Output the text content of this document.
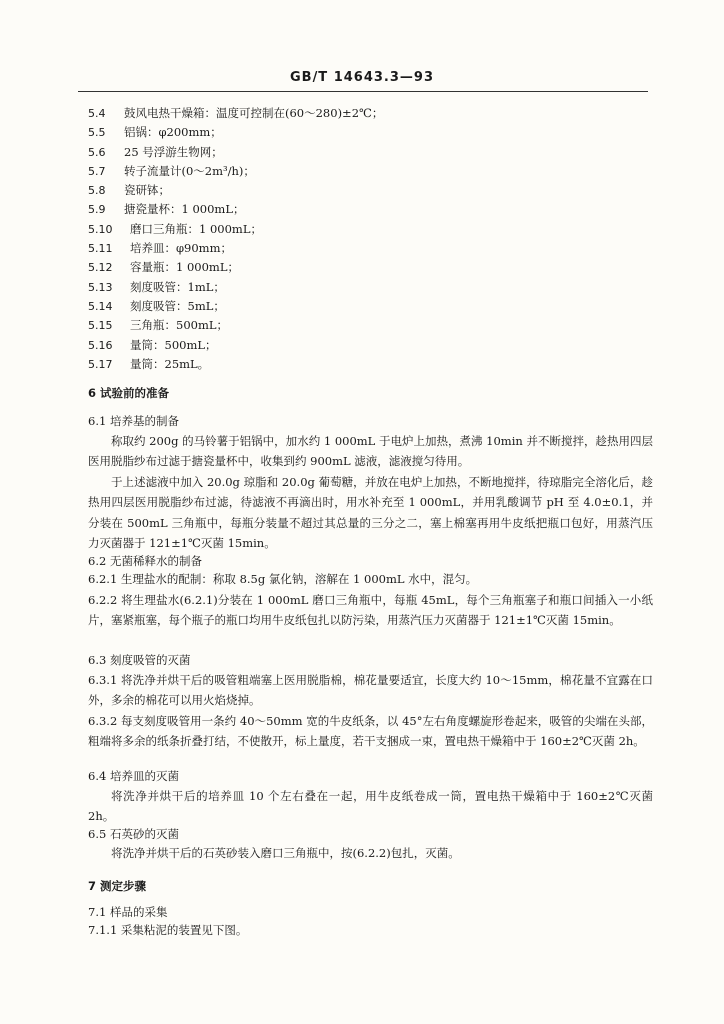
GB/T 14643.3—93
5.4	鼓风电热干燥箱：温度可控制在(60～280)±2℃；
5.5	铝锅：φ200mm；
5.6	25 号浮游生物网；
5.7	转子流量计(0～2m³/h)；
5.8	瓷研钵；
5.9	搪瓷量杯：1 000mL；
5.10	磨口三角瓶：1 000mL；
5.11	培养皿：φ90mm；
5.12	容量瓶：1 000mL；
5.13	刻度吸管：1mL；
5.14	刻度吸管：5mL；
5.15	三角瓶：500mL；
5.16	量筒：500mL；
5.17	量筒：25mL。
6 试验前的准备
6.1 培养基的制备
称取约 200g 的马铃薯于铝锅中，加水约 1 000mL 于电炉上加热，煮沸 10min 并不断搅拌，趁热用四层医用脱脂纱布过滤于搪瓷量杯中，收集到约 900mL 滤液，滤液搅匀待用。
于上述滤液中加入 20.0g 琼脂和 20.0g 葡萄糖，并放在电炉上加热，不断地搅拌，待琼脂完全溶化后，趁热用四层医用脱脂纱布过滤，待滤液不再滴出时，用水补充至 1 000mL，并用乳酸调节 pH 至 4.0±0.1，并分装在 500mL 三角瓶中，每瓶分装量不超过其总量的三分之二，塞上棉塞再用牛皮纸把瓶口包好，用蒸汽压力灭菌器于 121±1℃灭菌 15min。
6.2 无菌稀释水的制备
6.2.1 生理盐水的配制：称取 8.5g 氯化钠，溶解在 1 000mL 水中，混匀。
6.2.2 将生理盐水(6.2.1)分装在 1 000mL 磨口三角瓶中，每瓶 45mL，每个三角瓶塞子和瓶口间插入一小纸片，塞紧瓶塞，每个瓶子的瓶口均用牛皮纸包扎以防污染，用蒸汽压力灭菌器于 121±1℃灭菌 15min。
6.3 刻度吸管的灭菌
6.3.1 将洗净并烘干后的吸管粗端塞上医用脱脂棉，棉花量要适宜，长度大约 10～15mm，棉花量不宜露在口外，多余的棉花可以用火焰烧掉。
6.3.2 每支刻度吸管用一条约 40～50mm 宽的牛皮纸条，以 45°左右角度螺旋形卷起来，吸管的尖端在头部，粗端将多余的纸条折叠打结，不使散开，标上量度，若干支捆成一束，置电热干燥箱中于 160±2℃灭菌 2h。
6.4 培养皿的灭菌
将洗净并烘干后的培养皿 10 个左右叠在一起，用牛皮纸卷成一筒，置电热干燥箱中于 160±2℃灭菌 2h。
6.5 石英砂的灭菌
将洗净并烘干后的石英砂装入磨口三角瓶中，按(6.2.2)包扎，灭菌。
7 测定步骤
7.1 样品的采集
7.1.1 采集粘泥的装置见下图。
